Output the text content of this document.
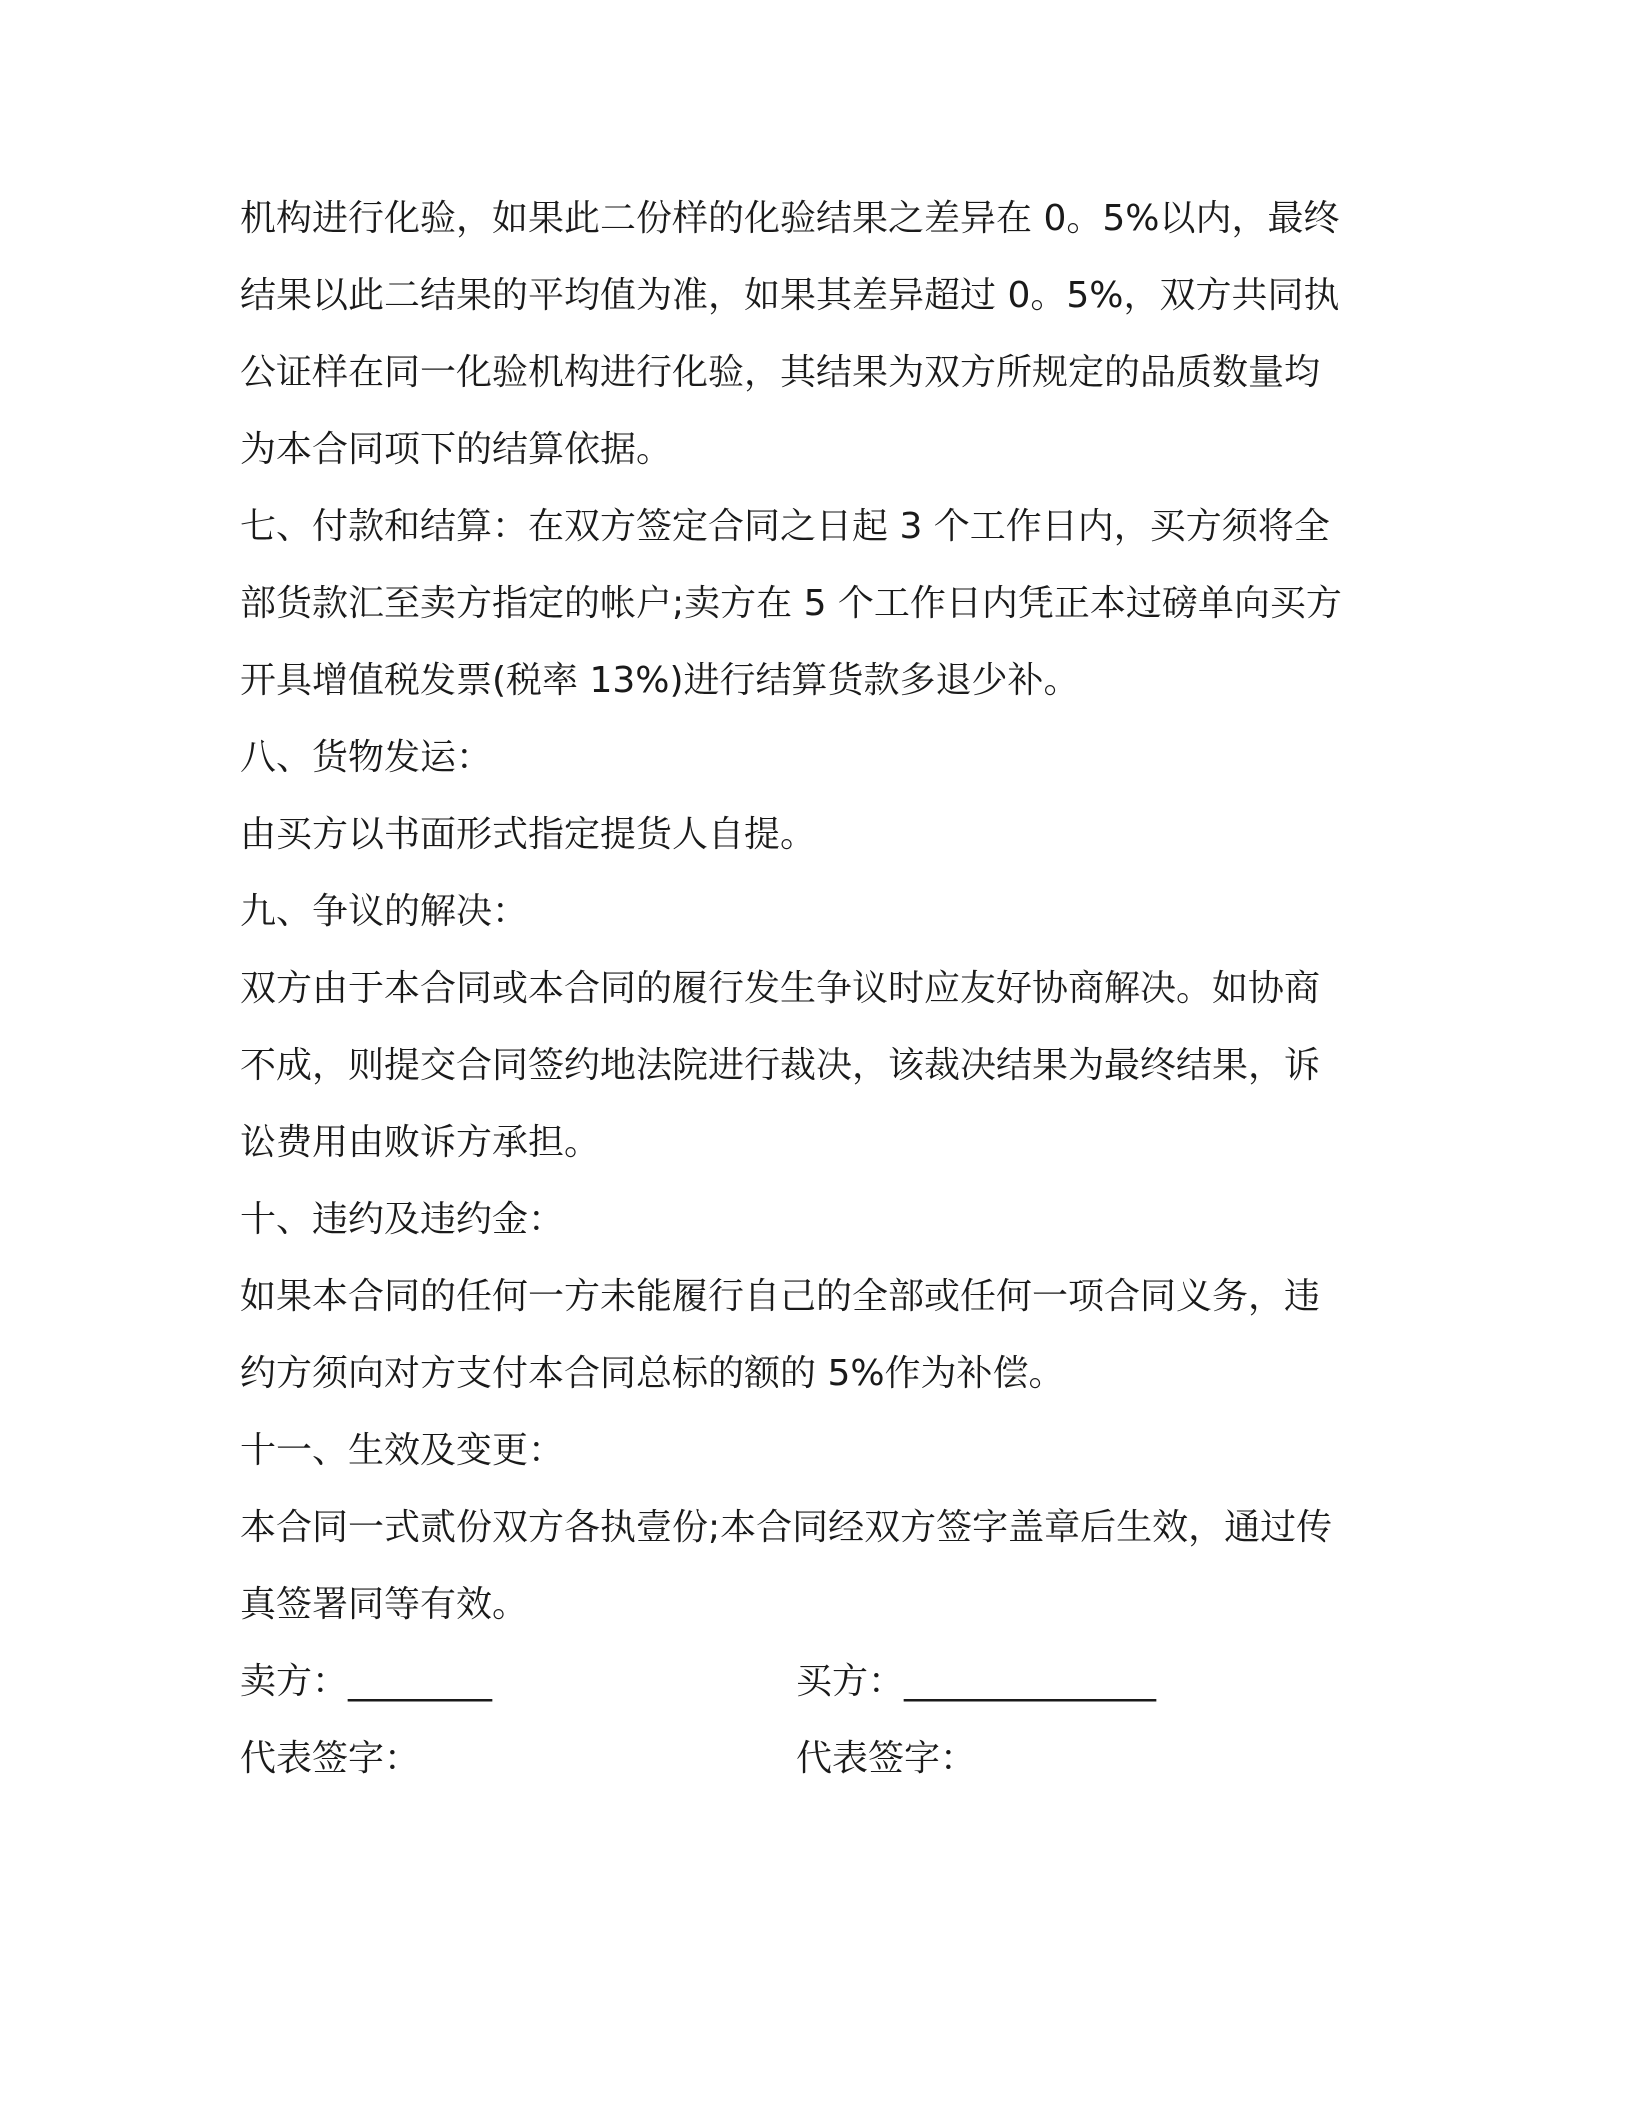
机构进行化验，如果此二份样的化验结果之差异在 0。5%以内，最终

结果以此二结果的平均值为准，如果其差异超过 0。5%，双方共同执

公证样在同一化验机构进行化验，其结果为双方所规定的品质数量均

为本合同项下的结算依据。

七、付款和结算：在双方签定合同之日起 3 个工作日内，买方须将全

部货款汇至卖方指定的帐户;卖方在 5 个工作日内凭正本过磅单向买方

开具增值税发票(税率 13%)进行结算货款多退少补。

八、货物发运：

由买方以书面形式指定提货人自提。

九、争议的解决：

双方由于本合同或本合同的履行发生争议时应友好协商解决。如协商

不成，则提交合同签约地法院进行裁决，该裁决结果为最终结果，诉

讼费用由败诉方承担。

十、违约及违约金：

如果本合同的任何一方未能履行自己的全部或任何一项合同义务，违

约方须向对方支付本合同总标的额的 5%作为补偿。

十一、生效及变更：

本合同一式贰份双方各执壹份;本合同经双方签字盖章后生效，通过传

真签署同等有效。

卖方：________	买方：______________
代表签字：	代表签字：
